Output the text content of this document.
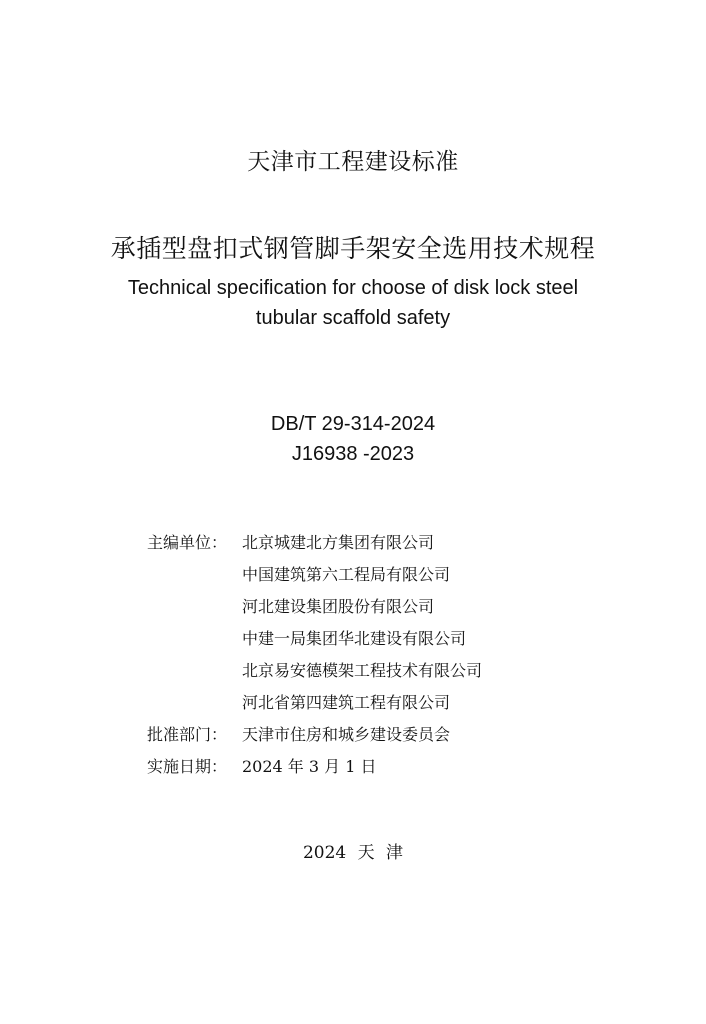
天津市工程建设标准
承插型盘扣式钢管脚手架安全选用技术规程
Technical specification for choose of disk lock steel
tubular scaffold safety
DB/T 29-314-2024
J16938 -2023
主编单位： 北京城建北方集团有限公司
中国建筑第六工程局有限公司
河北建设集团股份有限公司
中建一局集团华北建设有限公司
北京易安德模架工程技术有限公司
河北省第四建筑工程有限公司
批准部门： 天津市住房和城乡建设委员会
实施日期： 2024 年 3 月 1 日
2024 天 津
